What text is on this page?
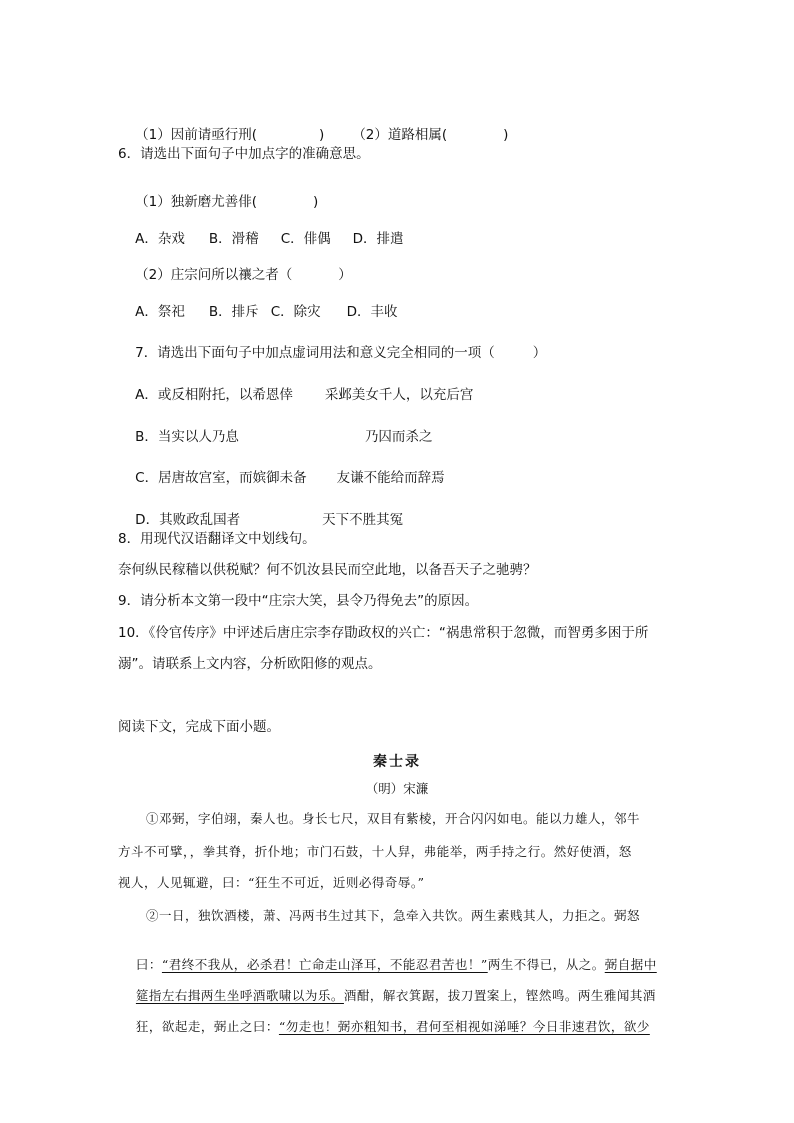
（1）因前请亟行刑(	) （2）道路相属(	)

6．请选出下面句子中加点字的准确意思。

（1）独新磨尤善俳(	)

A．杂戏 B．滑稽 C．俳偶 D．排遣

（2）庄宗问所以禳之者（	）

A．祭祀 B．排斥 C．除灾 D．丰收

7．请选出下面句子中加点虚词用法和意义完全相同的一项（	）

A．或反相附托，以希恩倖 采邺美女千人，以充后宫

B．当实以人乃息	乃囚而杀之

C．居唐故宫室，而嫔御未备 友谦不能给而辞焉

D．其败政乱国者	天下不胜其冤

8．用现代汉语翻译文中划线句。
奈何纵民稼穑以供税赋？何不饥汝县民而空此地，以备吾天子之驰骋？
9．请分析本文第一段中“庄宗大笑，县令乃得免去”的原因。
10．《伶官传序》中评述后唐庄宗李存勖政权的兴亡：“祸患常积于忽微，而智勇多困于所
溺”。请联系上文内容，分析欧阳修的观点。
阅读下文，完成下面小题。
秦士录
（明）宋濂
①邓弼，字伯翊，秦人也。身长七尺，双目有紫棱，开合闪闪如电。能以力雄人，邻牛
方斗不可擘，，拳其脊，折仆地；市门石鼓，十人舁，弗能举，两手持之行。然好使酒，怒
视人，人见辄避，曰：“狂生不可近，近则必得奇辱。”
②一日，独饮酒楼，萧、冯两书生过其下，急牵入共饮。两生素贱其人，力拒之。弼怒

曰：“君终不我从，必杀君！亡命走山泽耳，不能忍君苦也！”两生不得已，从之。弼自据中

筵指左右揖两生坐呼酒歌啸以为乐。酒酣，解衣箕踞，拔刀置案上，铿然鸣。两生雅闻其酒

狂，欲起走，弼止之曰：“勿走也！弼亦粗知书，君何至相视如涕唾？今日非速君饮，欲少
